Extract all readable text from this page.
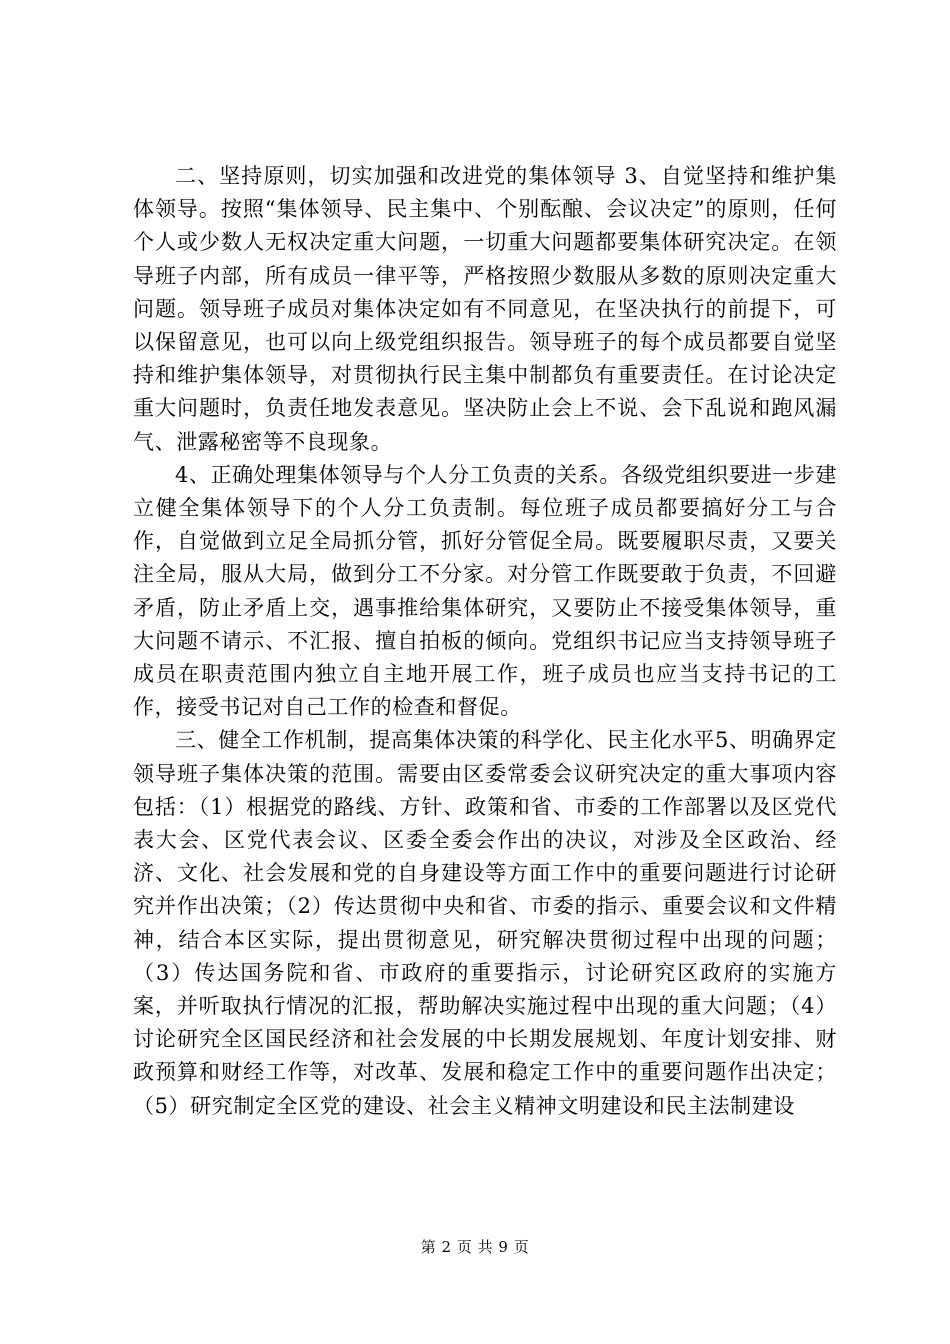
二、坚持原则，切实加强和改进党的集体领导 3、自觉坚持和维护集体领导。按照“集体领导、民主集中、个别酝酿、会议决定”的原则，任何个人或少数人无权决定重大问题，一切重大问题都要集体研究决定。在领导班子内部，所有成员一律平等，严格按照少数服从多数的原则决定重大问题。领导班子成员对集体决定如有不同意见，在坚决执行的前提下，可以保留意见，也可以向上级党组织报告。领导班子的每个成员都要自觉坚持和维护集体领导，对贯彻执行民主集中制都负有重要责任。在讨论决定重大问题时，负责任地发表意见。坚决防止会上不说、会下乱说和跑风漏气、泄露秘密等不良现象。

4、正确处理集体领导与个人分工负责的关系。各级党组织要进一步建立健全集体领导下的个人分工负责制。每位班子成员都要搞好分工与合作，自觉做到立足全局抓分管，抓好分管促全局。既要履职尽责，又要关注全局，服从大局，做到分工不分家。对分管工作既要敢于负责，不回避矛盾，防止矛盾上交，遇事推给集体研究，又要防止不接受集体领导，重大问题不请示、不汇报、擅自拍板的倾向。党组织书记应当支持领导班子成员在职责范围内独立自主地开展工作，班子成员也应当支持书记的工作，接受书记对自己工作的检查和督促。

三、健全工作机制，提高集体决策的科学化、民主化水平5、明确界定领导班子集体决策的范围。需要由区委常委会议研究决定的重大事项内容包括：（1）根据党的路线、方针、政策和省、市委的工作部署以及区党代表大会、区党代表会议、区委全委会作出的决议，对涉及全区政治、经济、文化、社会发展和党的自身建设等方面工作中的重要问题进行讨论研究并作出决策；（2）传达贯彻中央和省、市委的指示、重要会议和文件精神，结合本区实际，提出贯彻意见，研究解决贯彻过程中出现的问题；（3）传达国务院和省、市政府的重要指示，讨论研究区政府的实施方案，并听取执行情况的汇报，帮助解决实施过程中出现的重大问题；（4）讨论研究全区国民经济和社会发展的中长期发展规划、年度计划安排、财政预算和财经工作等，对改革、发展和稳定工作中的重要问题作出决定；（5）研究制定全区党的建设、社会主义精神文明建设和民主法制建设

第 2 页 共 9 页
